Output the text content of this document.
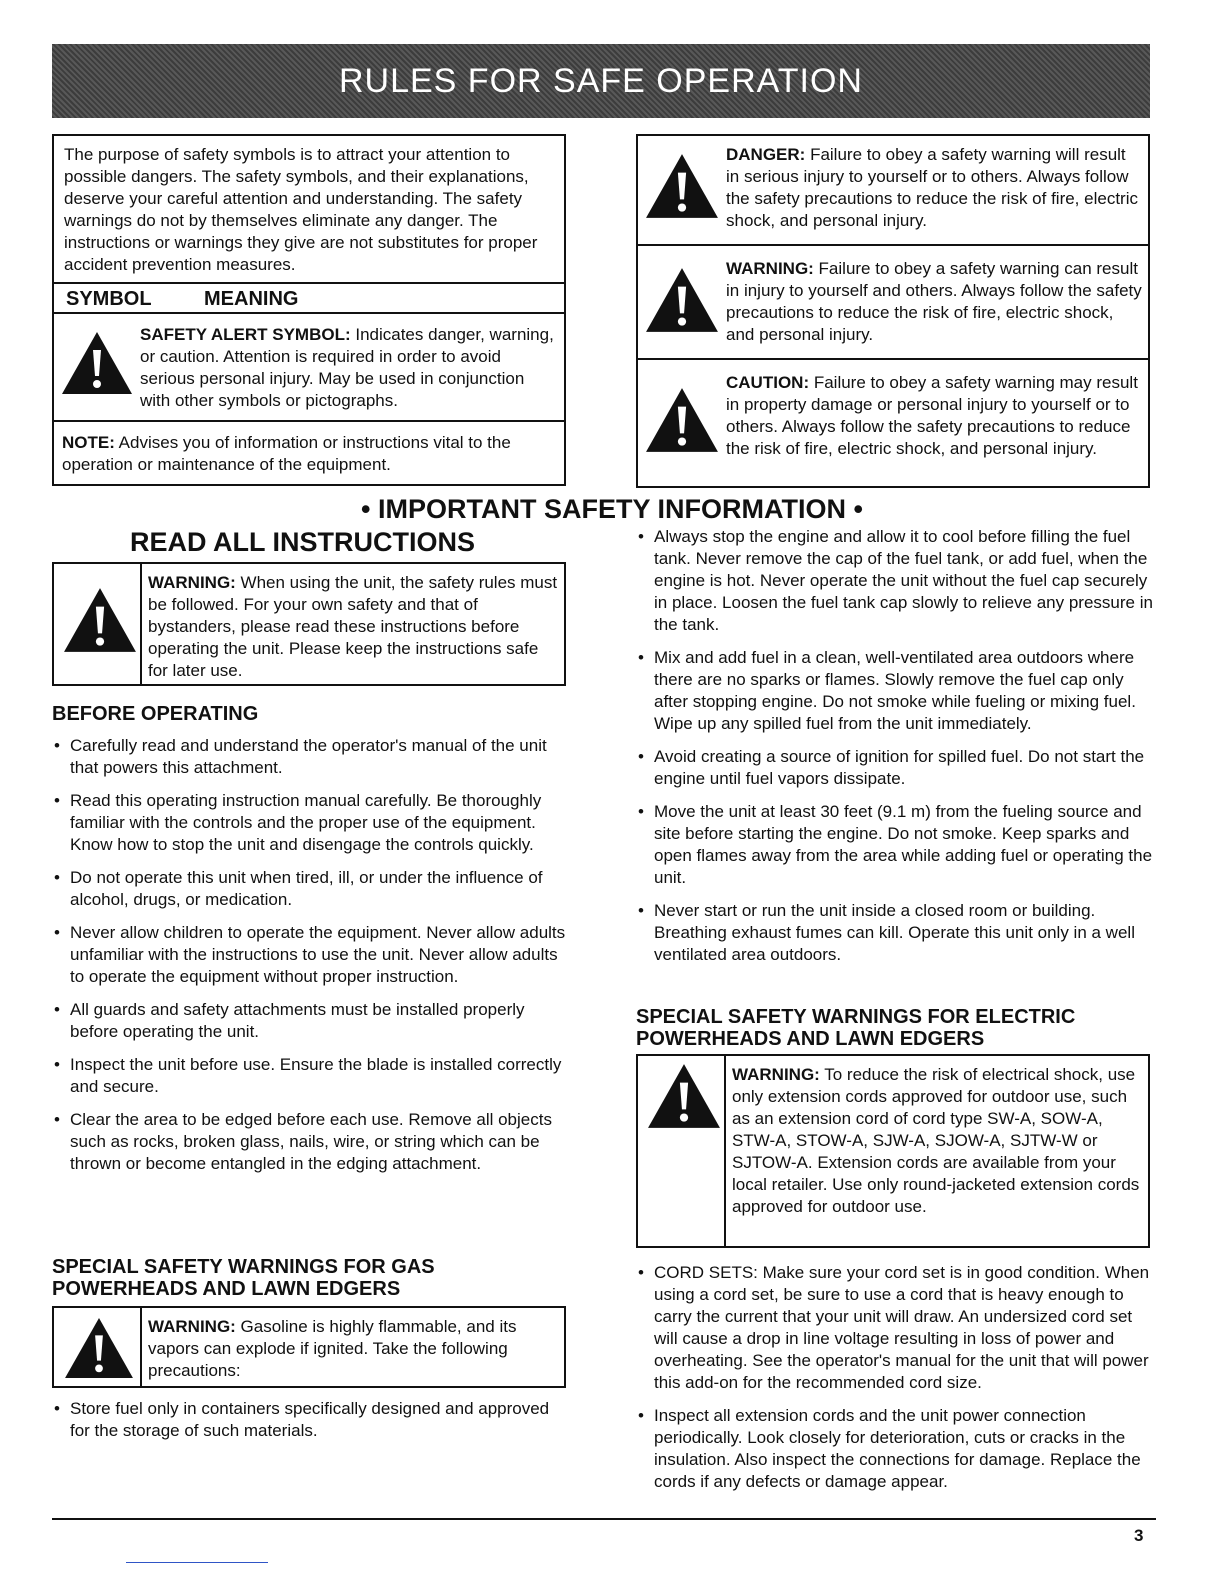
RULES FOR SAFE OPERATION
The purpose of safety symbols is to attract your attention to possible dangers. The safety symbols, and their explanations, deserve your careful attention and understanding. The safety warnings do not by themselves eliminate any danger. The instructions or warnings they give are not substitutes for proper accident prevention measures.
SYMBOL	MEANING
SAFETY ALERT SYMBOL: Indicates danger, warning, or caution. Attention is required in order to avoid serious personal injury. May be used in conjunction with other symbols or pictographs.
NOTE: Advises you of information or instructions vital to the operation or maintenance of the equipment.
DANGER: Failure to obey a safety warning will result in serious injury to yourself or to others. Always follow the safety precautions to reduce the risk of fire, electric shock, and personal injury.
WARNING: Failure to obey a safety warning can result in injury to yourself and others. Always follow the safety precautions to reduce the risk of fire, electric shock, and personal injury.
CAUTION: Failure to obey a safety warning may result in property damage or personal injury to yourself or to others. Always follow the safety precautions to reduce the risk of fire, electric shock, and personal injury.
• IMPORTANT SAFETY INFORMATION •
READ ALL INSTRUCTIONS
WARNING: When using the unit, the safety rules must be followed. For your own safety and that of bystanders, please read these instructions before operating the unit. Please keep the instructions safe for later use.
BEFORE OPERATING
• Carefully read and understand the operator's manual of the unit that powers this attachment.
• Read this operating instruction manual carefully. Be thoroughly familiar with the controls and the proper use of the equipment. Know how to stop the unit and disengage the controls quickly.
• Do not operate this unit when tired, ill, or under the influence of alcohol, drugs, or medication.
• Never allow children to operate the equipment. Never allow adults unfamiliar with the instructions to use the unit. Never allow adults to operate the equipment without proper instruction.
• All guards and safety attachments must be installed properly before operating the unit.
• Inspect the unit before use. Ensure the blade is installed correctly and secure.
• Clear the area to be edged before each use. Remove all objects such as rocks, broken glass, nails, wire, or string which can be thrown or become entangled in the edging attachment.
SPECIAL SAFETY WARNINGS FOR GAS POWERHEADS AND LAWN EDGERS
WARNING: Gasoline is highly flammable, and its vapors can explode if ignited. Take the following precautions:
• Store fuel only in containers specifically designed and approved for the storage of such materials.
• Always stop the engine and allow it to cool before filling the fuel tank. Never remove the cap of the fuel tank, or add fuel, when the engine is hot. Never operate the unit without the fuel cap securely in place. Loosen the fuel tank cap slowly to relieve any pressure in the tank.
• Mix and add fuel in a clean, well-ventilated area outdoors where there are no sparks or flames. Slowly remove the fuel cap only after stopping engine. Do not smoke while fueling or mixing fuel. Wipe up any spilled fuel from the unit immediately.
• Avoid creating a source of ignition for spilled fuel. Do not start the engine until fuel vapors dissipate.
• Move the unit at least 30 feet (9.1 m) from the fueling source and site before starting the engine. Do not smoke. Keep sparks and open flames away from the area while adding fuel or operating the unit.
• Never start or run the unit inside a closed room or building. Breathing exhaust fumes can kill. Operate this unit only in a well ventilated area outdoors.
SPECIAL SAFETY WARNINGS FOR ELECTRIC POWERHEADS AND LAWN EDGERS
WARNING: To reduce the risk of electrical shock, use only extension cords approved for outdoor use, such as an extension cord of cord type SW-A, SOW-A, STW-A, STOW-A, SJW-A, SJOW-A, SJTW-W or SJTOW-A. Extension cords are available from your local retailer. Use only round-jacketed extension cords approved for outdoor use.
• CORD SETS: Make sure your cord set is in good condition. When using a cord set, be sure to use a cord that is heavy enough to carry the current that your unit will draw. An undersized cord set will cause a drop in line voltage resulting in loss of power and overheating. See the operator's manual for the unit that will power this add-on for the recommended cord size.
• Inspect all extension cords and the unit power connection periodically. Look closely for deterioration, cuts or cracks in the insulation. Also inspect the connections for damage. Replace the cords if any defects or damage appear.
3
